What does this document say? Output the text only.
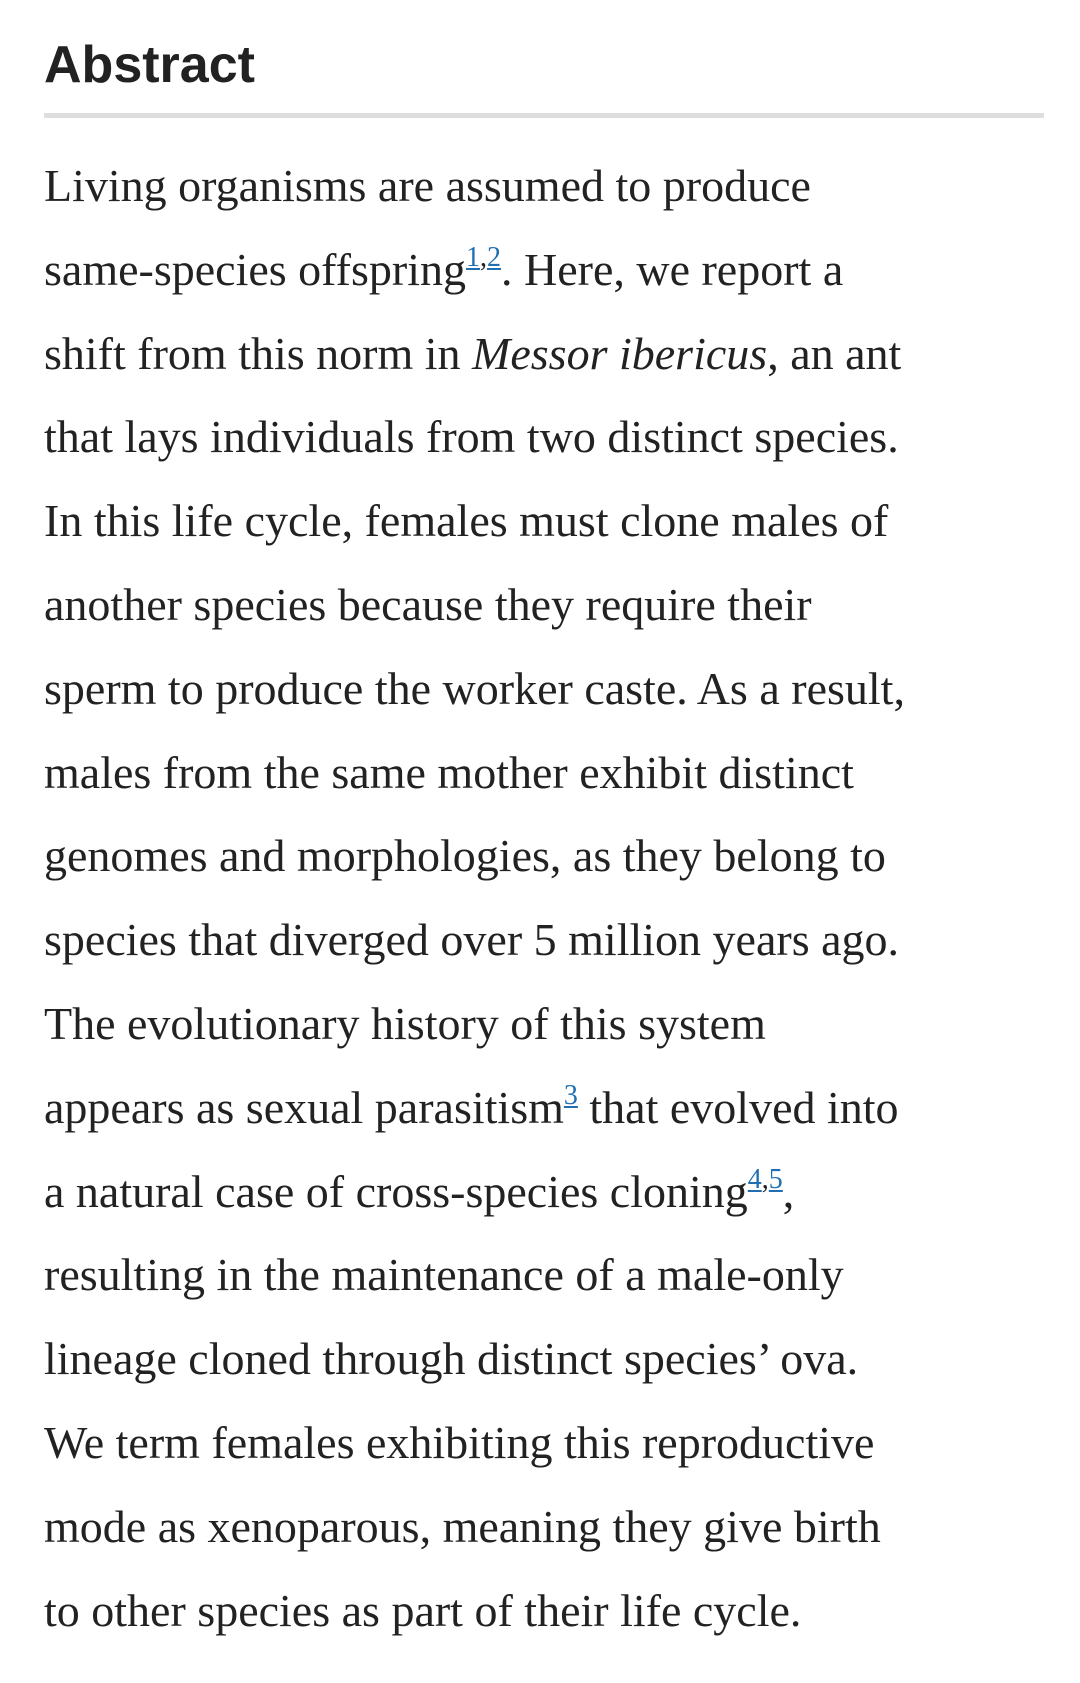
Abstract

Living organisms are assumed to produce
same-species offspring$^{1,2}$. Here, we report a
shift from this norm in Messor ibericus, an ant
that lays individuals from two distinct species.
In this life cycle, females must clone males of
another species because they require their
sperm to produce the worker caste. As a result,
males from the same mother exhibit distinct
genomes and morphologies, as they belong to
species that diverged over 5 million years ago.
The evolutionary history of this system
appears as sexual parasitism$^3$ that evolved into
a natural case of cross-species cloning$^{4,5}$,
resulting in the maintenance of a male-only
lineage cloned through distinct species’ ova.
We term females exhibiting this reproductive
mode as xenoparous, meaning they give birth
to other species as part of their life cycle.
